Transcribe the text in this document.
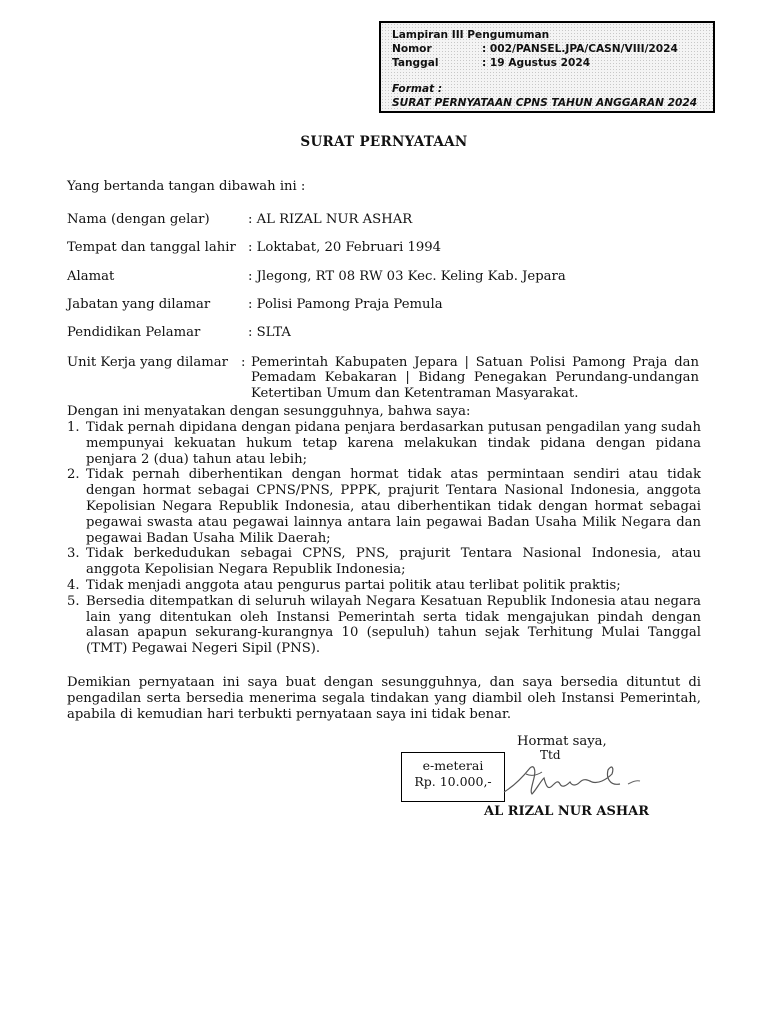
Lampiran III Pengumuman
Nomor	: 002/PANSEL.JPA/CASN/VIII/2024
Tanggal	: 19 Agustus 2024
Format :
SURAT PERNYATAAN CPNS TAHUN ANGGARAN 2024
SURAT PERNYATAAN
Yang bertanda tangan dibawah ini :
Nama (dengan gelar)	: AL RIZAL NUR ASHAR
Tempat dan tanggal lahir : Loktabat, 20 Februari 1994
Alamat	: Jlegong, RT 08 RW 03 Kec. Keling Kab. Jepara
Jabatan yang dilamar	: Polisi Pamong Praja Pemula
Pendidikan Pelamar	: SLTA
Unit Kerja yang dilamar : Pemerintah Kabupaten Jepara | Satuan Polisi Pamong Praja dan Pemadam Kebakaran | Bidang Penegakan Perundang-undangan Ketertiban Umum dan Ketentraman Masyarakat.
Dengan ini menyatakan dengan sesungguhnya, bahwa saya:
1. Tidak pernah dipidana dengan pidana penjara berdasarkan putusan pengadilan yang sudah mempunyai kekuatan hukum tetap karena melakukan tindak pidana dengan pidana penjara 2 (dua) tahun atau lebih;
2. Tidak pernah diberhentikan dengan hormat tidak atas permintaan sendiri atau tidak dengan hormat sebagai CPNS/PNS, PPPK, prajurit Tentara Nasional Indonesia, anggota Kepolisian Negara Republik Indonesia, atau diberhentikan tidak dengan hormat sebagai pegawai swasta atau pegawai lainnya antara lain pegawai Badan Usaha Milik Negara dan pegawai Badan Usaha Milik Daerah;
3. Tidak berkedudukan sebagai CPNS, PNS, prajurit Tentara Nasional Indonesia, atau anggota Kepolisian Negara Republik Indonesia;
4. Tidak menjadi anggota atau pengurus partai politik atau terlibat politik praktis;
5. Bersedia ditempatkan di seluruh wilayah Negara Kesatuan Republik Indonesia atau negara lain yang ditentukan oleh Instansi Pemerintah serta tidak mengajukan pindah dengan alasan apapun sekurang-kurangnya 10 (sepuluh) tahun sejak Terhitung Mulai Tanggal (TMT) Pegawai Negeri Sipil (PNS).
Demikian pernyataan ini saya buat dengan sesungguhnya, dan saya bersedia dituntut di pengadilan serta bersedia menerima segala tindakan yang diambil oleh Instansi Pemerintah, apabila di kemudian hari terbukti pernyataan saya ini tidak benar.
Hormat saya,
Ttd
e-meterai
Rp. 10.000,-
AL RIZAL NUR ASHAR
